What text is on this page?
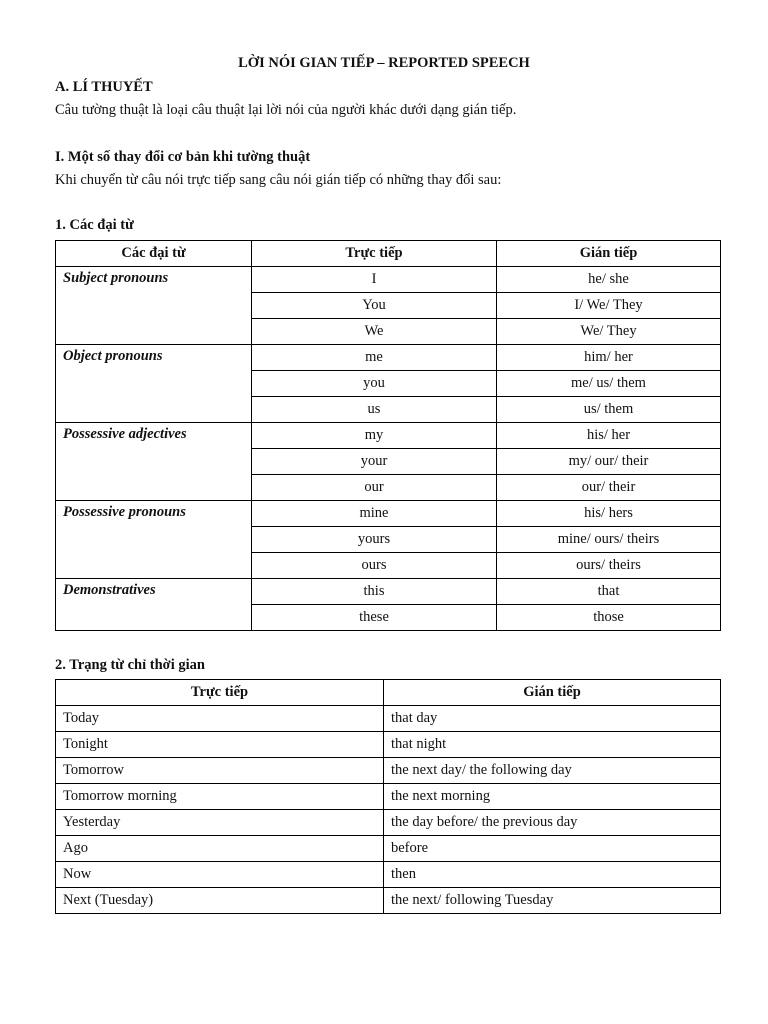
LỜI NÓI GIAN TIẾP – REPORTED SPEECH
A. LÍ THUYẾT
Câu tường thuật là loại câu thuật lại lời nói của người khác dưới dạng gián tiếp.
I. Một số thay đổi cơ bản khi tường thuật
Khi chuyển từ câu nói trực tiếp sang câu nói gián tiếp có những thay đổi sau:
1. Các đại từ
Các đại từ	Trực tiếp	Gián tiếp
Subject pronouns	I	he/ she
	You	I/ We/ They
	We	We/ They
Object pronouns	me	him/ her
	you	me/ us/ them
	us	us/ them
Possessive adjectives	my	his/ her
	your	my/ our/ their
	our	our/ their
Possessive pronouns	mine	his/ hers
	yours	mine/ ours/ theirs
	ours	ours/ theirs
Demonstratives	this	that
	these	those
2. Trạng từ chỉ thời gian
Trực tiếp	Gián tiếp
Today	that day
Tonight	that night
Tomorrow	the next day/ the following day
Tomorrow morning	the next morning
Yesterday	the day before/ the previous day
Ago	before
Now	then
Next (Tuesday)	the next/ following Tuesday
